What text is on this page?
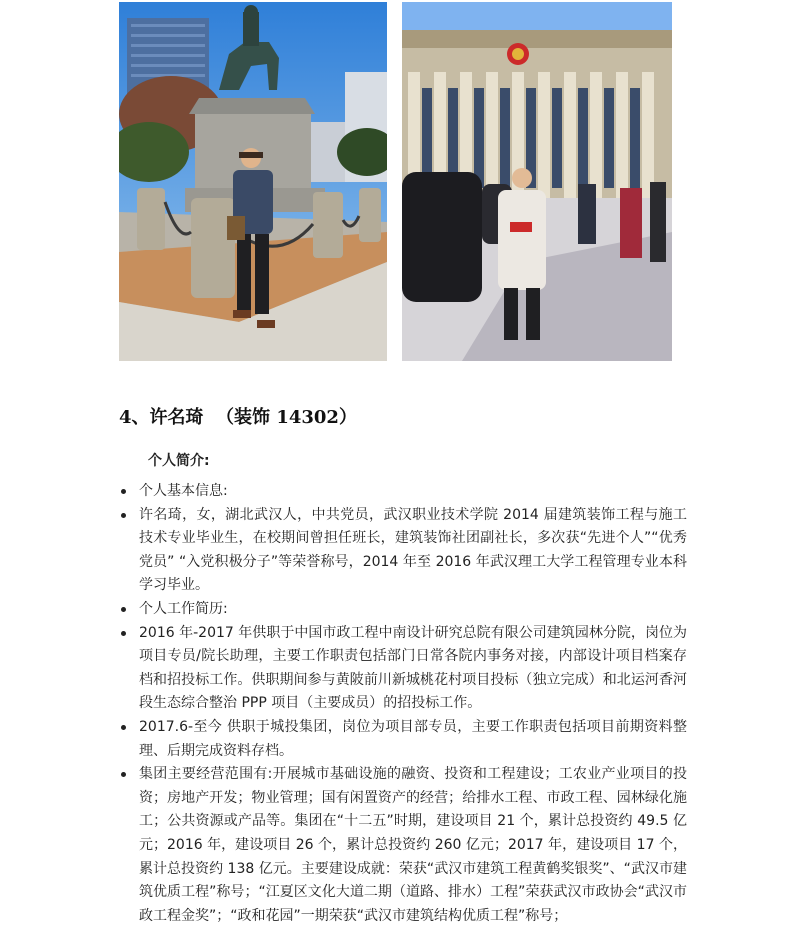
4、许名琦  （装饰 14302）
个人简介:
个人基本信息:
许名琦，女，湖北武汉人，中共党员，武汉职业技术学院 2014 届建筑装饰工程与施工技术专业毕业生，在校期间曾担任班长，建筑装饰社团副社长，多次获“先进个人”“优秀党员” “入党积极分子”等荣誉称号，2014 年至 2016 年武汉理工大学工程管理专业本科学习毕业。
个人工作简历:
2016 年-2017 年供职于中国市政工程中南设计研究总院有限公司建筑园林分院，岗位为项目专员/院长助理，主要工作职责包括部门日常各院内事务对接，内部设计项目档案存档和招投标工作。供职期间参与黄陂前川新城桃花村项目投标（独立完成）和北运河香河段生态综合整治 PPP 项目（主要成员）的招投标工作。
2017.6-至今 供职于城投集团，岗位为项目部专员，主要工作职责包括项目前期资料整理、后期完成资料存档。
集团主要经营范围有:开展城市基础设施的融资、投资和工程建设；工农业产业项目的投资；房地产开发；物业管理；国有闲置资产的经营；给排水工程、市政工程、园林绿化施工；公共资源或产品等。集团在“十二五”时期，建设项目 21 个，累计总投资约 49.5 亿元；2016 年，建设项目 26 个，累计总投资约 260 亿元；2017 年，建设项目 17 个，累计总投资约 138 亿元。主要建设成就：荣获“武汉市建筑工程黄鹤奖银奖”、“武汉市建筑优质工程”称号；“江夏区文化大道二期（道路、排水）工程”荣获武汉市政协会“武汉市政工程金奖”；“政和花园”一期荣获“武汉市建筑结构优质工程”称号；
